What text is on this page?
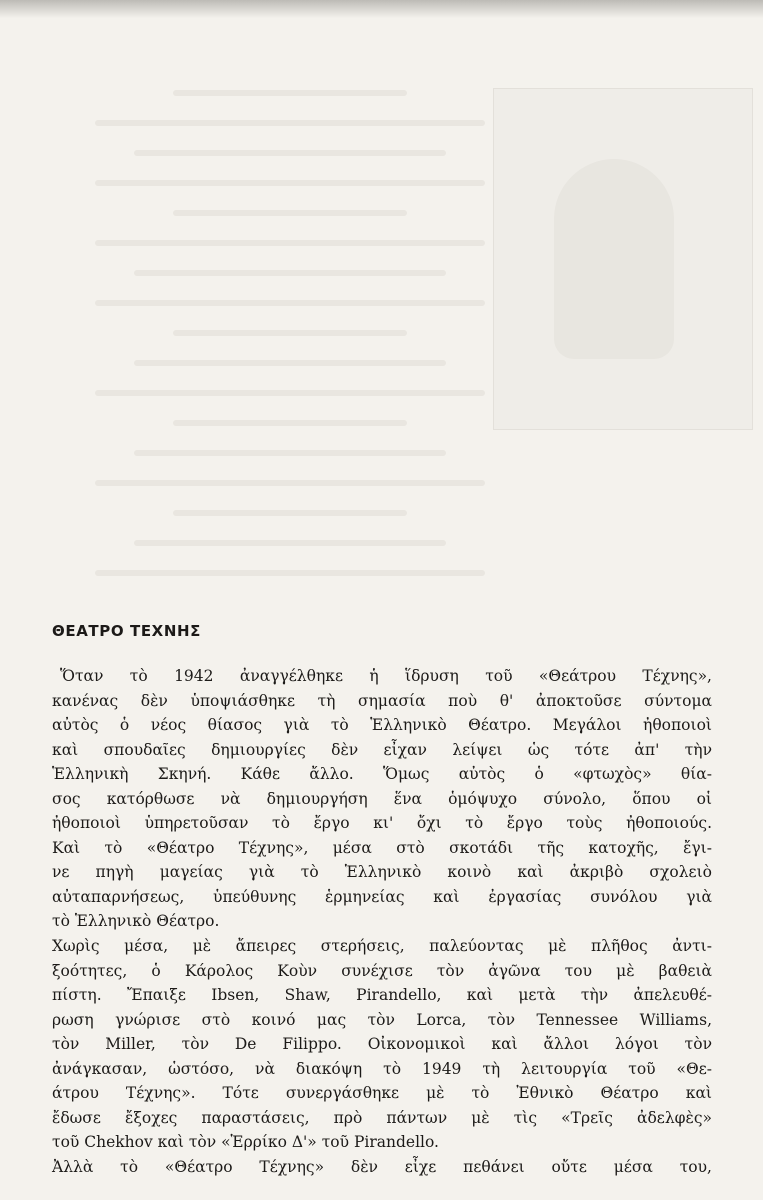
ΘΕΑΤΡΟ ΤΕΧΝΗΣ
Ὅταν τὸ 1942 ἀναγγέλθηκε ἡ ἵδρυση τοῦ «Θεάτρου Τέχνης»,
κανένας δὲν ὑποψιάσθηκε τὴ σημασία ποὺ θ' ἀποκτοῦσε σύντομα
αὐτὸς ὁ νέος θίασος γιὰ τὸ Ἑλληνικὸ Θέατρο. Μεγάλοι ἠθοποιοὶ
καὶ σπουδαῖες δημιουργίες δὲν εἶχαν λείψει ὡς τότε ἀπ' τὴν
Ἑλληνικὴ Σκηνή. Κάθε ἄλλο. Ὅμως αὐτὸς ὁ «φτωχὸς» θία-
σος κατόρθωσε νὰ δημιουργήση ἕνα ὁμόψυχο σύνολο, ὅπου οἱ
ἠθοποιοὶ ὑπηρετοῦσαν τὸ ἔργο κι' ὄχι τὸ ἔργο τοὺς ἠθοποιούς.
Καὶ τὸ «Θέατρο Τέχνης», μέσα στὸ σκοτάδι τῆς κατοχῆς, ἔγι-
νε πηγὴ μαγείας γιὰ τὸ Ἑλληνικὸ κοινὸ καὶ ἀκριβὸ σχολειὸ
αὐταπαρνήσεως, ὑπεύθυνης ἑρμηνείας καὶ ἐργασίας συνόλου γιὰ
τὸ Ἑλληνικὸ Θέατρο.
Χωρὶς μέσα, μὲ ἄπειρες στερήσεις, παλεύοντας μὲ πλῆθος ἀντι-
ξοότητες, ὁ Κάρολος Κοὺν συνέχισε τὸν ἀγῶνα του μὲ βαθειὰ
πίστη. Ἔπαιξε Ibsen, Shaw, Pirandello, καὶ μετὰ τὴν ἀπελευθέ-
ρωση γνώρισε στὸ κοινό μας τὸν Lorca, τὸν Tennessee Williams,
τὸν Miller, τὸν De Filippo. Οἰκονομικοὶ καὶ ἄλλοι λόγοι τὸν
ἀνάγκασαν, ὡστόσο, νὰ διακόψη τὸ 1949 τὴ λειτουργία τοῦ «Θε-
άτρου Τέχνης». Τότε συνεργάσθηκε μὲ τὸ Ἐθνικὸ Θέατρο καὶ
ἔδωσε ἔξοχες παραστάσεις, πρὸ πάντων μὲ τὶς «Τρεῖς ἀδελφὲς»
τοῦ Chekhov καὶ τὸν «Ἑρρίκο Δ'» τοῦ Pirandello.
Ἀλλὰ τὸ «Θέατρο Τέχνης» δὲν εἶχε πεθάνει οὔτε μέσα του,
